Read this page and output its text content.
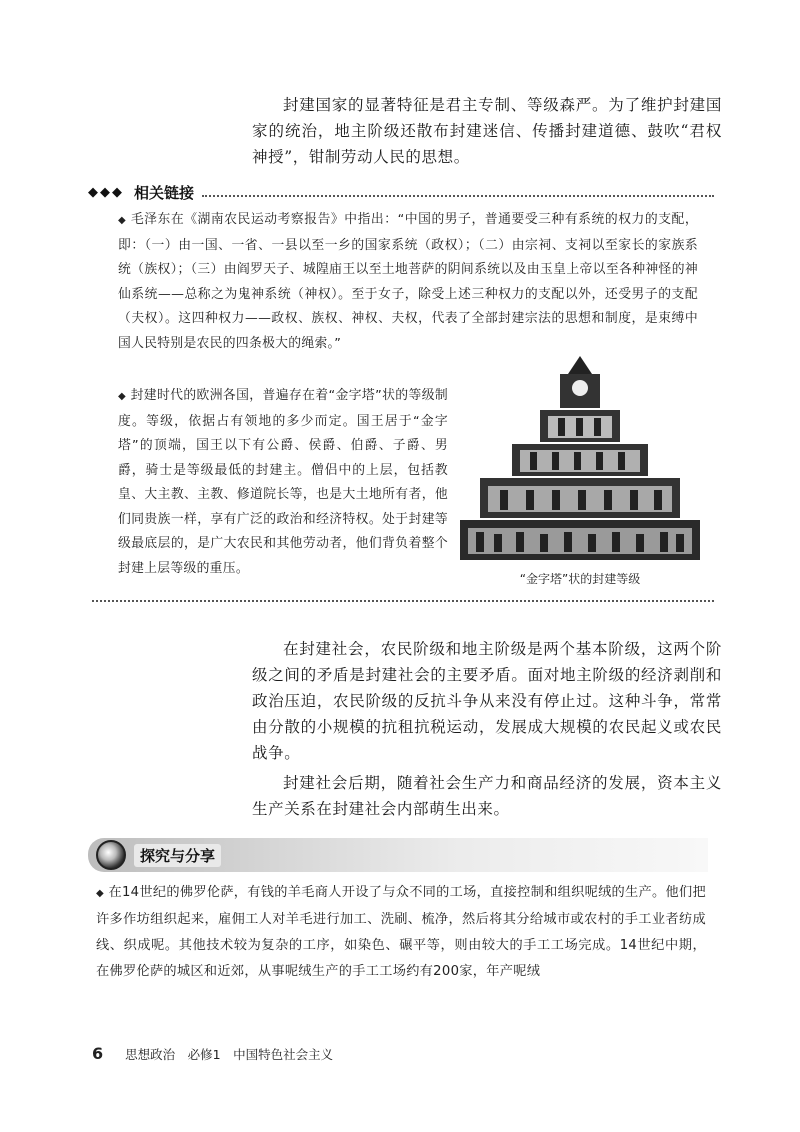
封建国家的显著特征是君主专制、等级森严。为了维护封建国家的统治，地主阶级还散布封建迷信、传播封建道德、鼓吹“君权神授”，钳制劳动人民的思想。

◆◆◆ 相关链接

◆ 毛泽东在《湖南农民运动考察报告》中指出：“中国的男子，普通要受三种有系统的权力的支配，即：（一）由一国、一省、一县以至一乡的国家系统（政权）；（二）由宗祠、支祠以至家长的家族系统（族权）；（三）由阎罗天子、城隍庙王以至土地菩萨的阴间系统以及由玉皇上帝以至各种神怪的神仙系统——总称之为鬼神系统（神权）。至于女子，除受上述三种权力的支配以外，还受男子的支配（夫权）。这四种权力——政权、族权、神权、夫权，代表了全部封建宗法的思想和制度，是束缚中国人民特别是农民的四条极大的绳索。”

◆ 封建时代的欧洲各国，普遍存在着“金字塔”状的等级制度。等级，依据占有领地的多少而定。国王居于“金字塔”的顶端，国王以下有公爵、侯爵、伯爵、子爵、男爵，骑士是等级最低的封建主。僧侣中的上层，包括教皇、大主教、主教、修道院长等，也是大土地所有者，他们同贵族一样，享有广泛的政治和经济特权。处于封建等级最底层的，是广大农民和其他劳动者，他们背负着整个封建上层等级的重压。

“金字塔”状的封建等级

在封建社会，农民阶级和地主阶级是两个基本阶级，这两个阶级之间的矛盾是封建社会的主要矛盾。面对地主阶级的经济剥削和政治压迫，农民阶级的反抗斗争从来没有停止过。这种斗争，常常由分散的小规模的抗租抗税运动，发展成大规模的农民起义或农民战争。

封建社会后期，随着社会生产力和商品经济的发展，资本主义生产关系在封建社会内部萌生出来。

探究与分享

◆ 在14世纪的佛罗伦萨，有钱的羊毛商人开设了与众不同的工场，直接控制和组织呢绒的生产。他们把许多作坊组织起来，雇佣工人对羊毛进行加工、洗刷、梳净，然后将其分给城市或农村的手工业者纺成线、织成呢。其他技术较为复杂的工序，如染色、碾平等，则由较大的手工工场完成。14世纪中期，在佛罗伦萨的城区和近郊，从事呢绒生产的手工工场约有200家，年产呢绒

6 思想政治　必修1　中国特色社会主义
